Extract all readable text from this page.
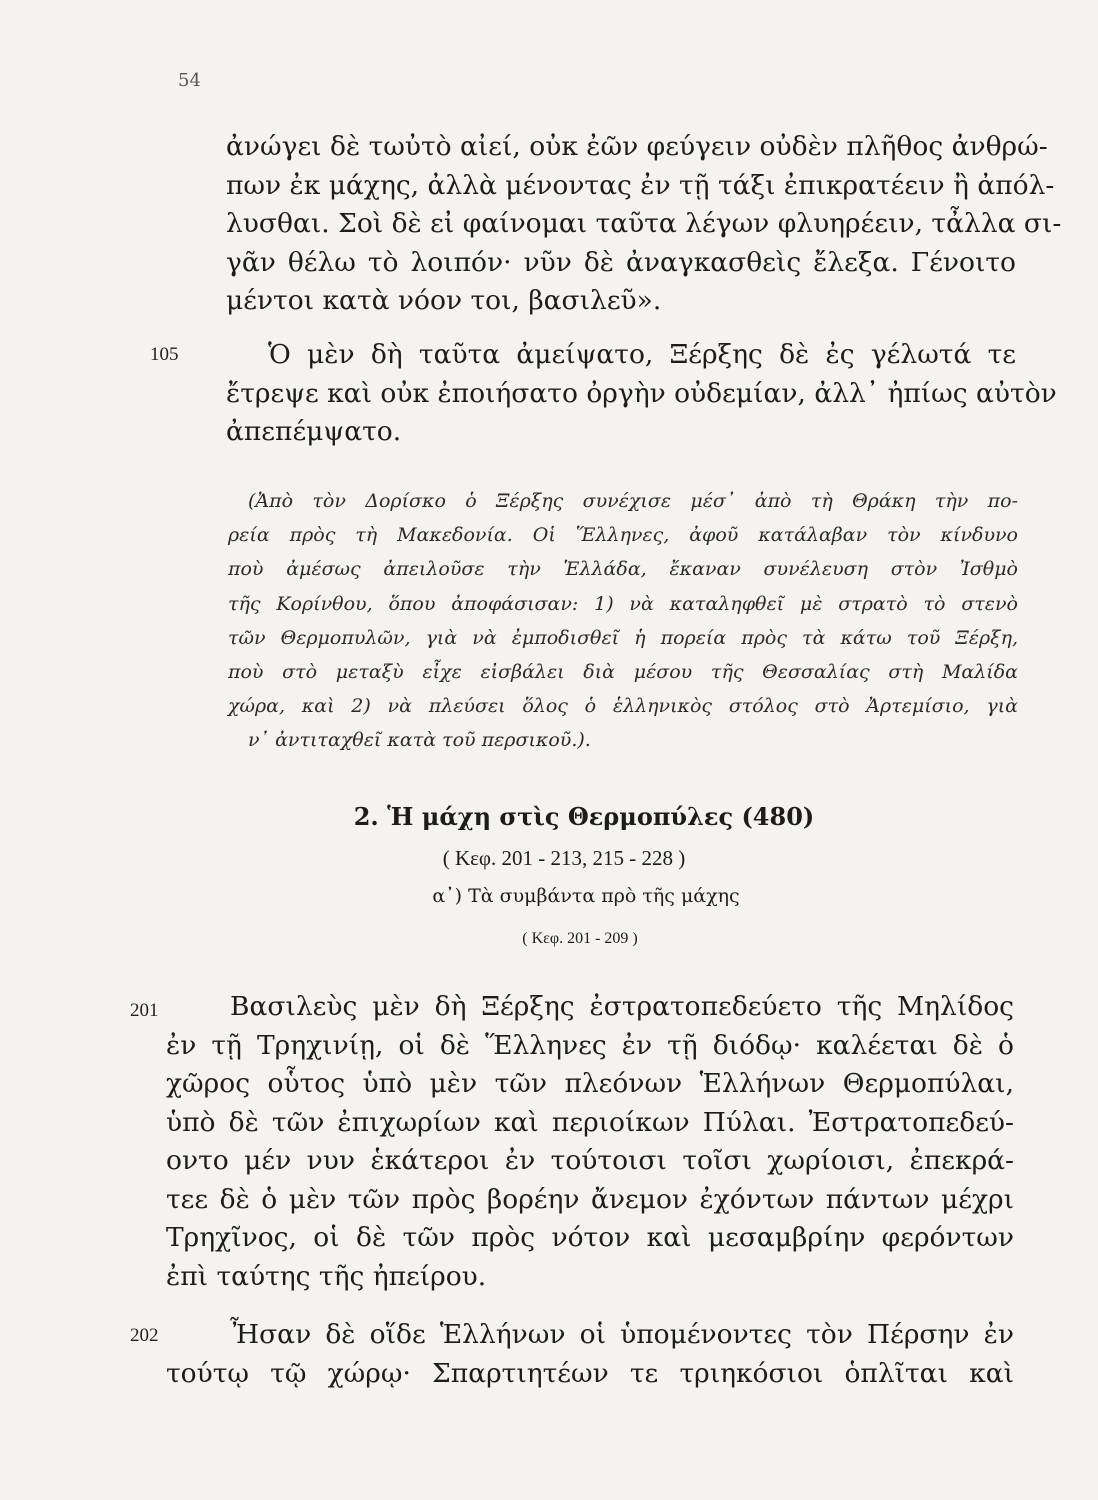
54
ἀνώγει δὲ τωὐτὸ αἰεί, οὐκ ἐῶν φεύγειν οὐδὲν πλῆθος ἀνθρώ-
πων ἐκ μάχης, ἀλλὰ μένοντας ἐν τῇ τάξι ἐπικρατέειν ἢ ἀπόλ-
λυσθαι. Σοὶ δὲ εἰ φαίνομαι ταῦτα λέγων φλυηρέειν, τἆλλα σι-
γᾶν θέλω τὸ λοιπόν· νῦν δὲ ἀναγκασθεὶς ἔλεξα. Γένοιτο
μέντοι κατὰ νόον τοι, βασιλεῦ».
105	Ὁ μὲν δὴ ταῦτα ἀμείψατο, Ξέρξης δὲ ἐς γέλωτά τε
ἔτρεψε καὶ οὐκ ἐποιήσατο ὀργὴν οὐδεμίαν, ἀλλ᾽ ἠπίως αὐτὸν
ἀπεπέμψατο.
(Ἀπὸ τὸν Δορίσκο ὁ Ξέρξης συνέχισε μέσ᾽ ἀπὸ τὴ Θράκη τὴν πο-
ρεία πρὸς τὴ Μακεδονία. Οἱ Ἕλληνες, ἀφοῦ κατάλαβαν τὸν κίνδυνο
ποὺ ἀμέσως ἀπειλοῦσε τὴν Ἑλλάδα, ἔκαναν συνέλευση στὸν Ἰσθμὸ
τῆς Κορίνθου, ὅπου ἀποφάσισαν: 1) νὰ καταληφθεῖ μὲ στρατὸ τὸ στενὸ
τῶν Θερμοπυλῶν, γιὰ νὰ ἐμποδισθεῖ ἡ πορεία πρὸς τὰ κάτω τοῦ Ξέρξη,
ποὺ στὸ μεταξὺ εἶχε εἰσβάλει διὰ μέσου τῆς Θεσσαλίας στὴ Μαλίδα
χώρα, καὶ 2) νὰ πλεύσει ὅλος ὁ ἑλληνικὸς στόλος στὸ Ἀρτεμίσιο, γιὰ
ν᾽ ἀντιταχθεῖ κατὰ τοῦ περσικοῦ.).
2. Ἡ μάχη στὶς Θερμοπύλες (480)
( Κεφ. 201 - 213, 215 - 228 )
α᾽) Τὰ συμβάντα πρὸ τῆς μάχης
( Κεφ. 201 - 209 )
201	Βασιλεὺς μὲν δὴ Ξέρξης ἐστρατοπεδεύετο τῆς Μηλίδος
ἐν τῇ Τρηχινίῃ, οἱ δὲ Ἕλληνες ἐν τῇ διόδῳ· καλέεται δὲ ὁ
χῶρος οὗτος ὑπὸ μὲν τῶν πλεόνων Ἑλλήνων Θερμοπύλαι,
ὑπὸ δὲ τῶν ἐπιχωρίων καὶ περιοίκων Πύλαι. Ἐστρατοπεδεύ-
οντο μέν νυν ἑκάτεροι ἐν τούτοισι τοῖσι χωρίοισι, ἐπεκρά-
τεε δὲ ὁ μὲν τῶν πρὸς βορέην ἄνεμον ἐχόντων πάντων μέχρι
Τρηχῖνος, οἱ δὲ τῶν πρὸς νότον καὶ μεσαμβρίην φερόντων
ἐπὶ ταύτης τῆς ἠπείρου.
202	Ἦσαν δὲ οἵδε Ἑλλήνων οἱ ὑπομένοντες τὸν Πέρσην ἐν
τούτῳ τῷ χώρῳ· Σπαρτιητέων τε τριηκόσιοι ὁπλῖται καὶ
